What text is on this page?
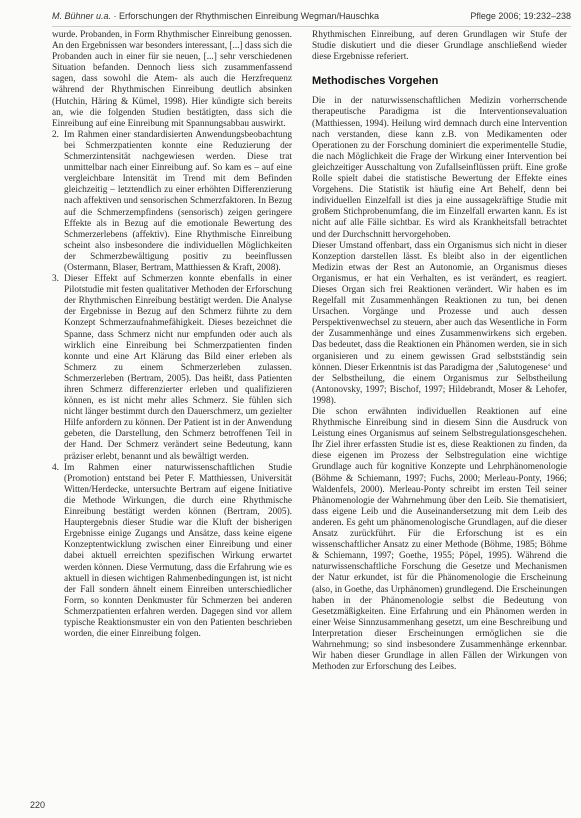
M. Bühner u.a. · Erforschungen der Rhythmischen Einreibung Wegman/Hauschka	Pflege 2006; 19:232–238

wurde. Probanden, in Form Rhythmischer Einreibung genossen. An den Ergebnissen war besonders interessant, [...] dass sich die Probanden auch in einer für sie neuen, [...] sehr verschiedenen Situation befanden. Dennoch liess sich zusammenfassend sagen, dass sowohl die Atem- als auch die Herzfrequenz während der Rhythmischen Einreibung deutlich absinken (Hutchin, Häring & Kümel, 1998). Hier kündigte sich bereits an, wie die folgenden Studien bestätigten, dass sich die Einreibung auf eine Einreibung mit Spannungsabbau auswirkt.

2. Im Rahmen einer standardisierten Anwendungsbeobachtung bei Schmerzpatienten konnte eine Reduzierung der Schmerzintensität nachgewiesen werden. Diese trat unmittelbar nach einer Einreibung auf. So kam es – auf eine vergleichbare Intensität im Trend mit dem Befinden gleichzeitig – letztendlich zu einer erhöhten Differenzierung nach affektiven und sensorischen Schmerzfaktoren. In Bezug auf die Schmerzempfindens (sensorisch) zeigen geringere Effekte als in Bezug auf die emotionale Bewertung des Schmerzerlebens (affektiv). Eine Rhythmische Einreibung scheint also insbesondere die individuellen Möglichkeiten der Schmerzbewältigung positiv zu beeinflussen (Ostermann, Blaser, Bertram, Matthiessen & Kraft, 2008).
3. Dieser Effekt auf Schmerzen konnte ebenfalls in einer Pilotstudie mit festen qualitativer Methoden der Erforschung der Rhythmischen Einreibung bestätigt werden. Die Analyse der Ergebnisse in Bezug auf den Schmerz führte zu dem Konzept Schmerzaufnahmefähigkeit. Dieses bezeichnet die Spanne, dass Schmerz nicht nur empfunden oder auch als wirklich eine Einreibung bei Schmerzpatienten finden konnte und eine Art Klärung das Bild einer erleben als Schmerz zu einem Schmerzerleben zulassen. Schmerzerleben (Bertram, 2005). Das heißt, dass Patienten ihren Schmerz differenzierter erleben und qualifizieren können, es ist nicht mehr alles Schmerz. Sie fühlen sich nicht länger bestimmt durch den Dauerschmerz, um gezielter Hilfe anfordern zu können. Der Patient ist in der Anwendung gebeten, die Darstellung, den Schmerz betroffenen Teil in der Hand. Der Schmerz verändert seine Bedeutung, kann präziser erlebt, benannt und als bewältigt werden.
4. Im Rahmen einer naturwissenschaftlichen Studie (Promotion) entstand bei Peter F. Matthiessen, Universität Witten/Herdecke, untersuchte Bertram auf eigene Initiative die Methode Wirkungen, die durch eine Rhythmische Einreibung bestätigt werden können (Bertram, 2005). Hauptergebnis dieser Studie war die Kluft der bisherigen Ergebnisse einige Zugangs und Ansätze, dass keine eigene Konzeptentwicklung zwischen einer Einreibung und einer dabei aktuell erreichten spezifischen Wirkung erwartet werden können. Diese Vermutung, dass die Erfahrung wie es aktuell in diesen wichtigen Rahmenbedingungen ist, ist nicht der Fall sondern ähnelt einem Einreiben unterschiedlicher Form, so konnten Denkmuster für Schmerzen bei anderen Schmerzpatienten erfahren werden. Dagegen sind vor allem typische Reaktionsmuster ein von den Patienten beschrieben worden, die einer Einreibung folgen.

Rhythmischen Einreibung, auf deren Grundlagen wir Stufe der Studie diskutiert und die dieser Grundlage anschließend wieder diese Ergebnisse referiert.

Methodisches Vorgehen

Die in der naturwissenschaftlichen Medizin vorherrschende therapeutische Paradigma ist die Interventionsevaluation (Matthiessen, 1994). Heilung wird demnach durch eine Intervention nach verstanden, diese kann z.B. von Medikamenten oder Operationen zu der Forschung dominiert die experimentelle Studie, die nach Möglichkeit die Frage der Wirkung einer Intervention bei gleichzeitiger Ausschaltung von Zufallseinflüssen prüft. Eine große Rolle spielt dabei die statistische Bewertung der Effekte eines Vorgehens. Die Statistik ist häufig eine Art Behelf, denn bei individuellen Einzelfall ist dies ja eine aussagekräftige Studie mit großem Stichprobenumfang, die im Einzelfall erwarten kann. Es ist nicht auf alle Fälle sichtbar. Es wird als Krankheitsfall betrachtet und der Durchschnitt hervorgehoben.

Dieser Umstand offenbart, dass ein Organismus sich nicht in dieser Konzeption darstellen lässt. Es bleibt also in der eigentlichen Medizin etwas der Rest an Autonomie, an Organismus dieses Organismus, er hat ein Verhalten, es ist verändert, es reagiert. Dieses Organ sich frei Reaktionen verändert. Wir haben es im Regelfall mit Zusammenhängen Reaktionen zu tun, bei denen Ursachen. Vorgänge und Prozesse und auch dessen Perspektivenwechsel zu steuern, aber auch das Wesentliche in Form der Zusammenhänge und eines Zusammenwirkens sich ergeben. Das bedeutet, dass die Reaktionen ein Phänomen werden, sie in sich organisieren und zu einem gewissen Grad selbstständig sein können. Dieser Erkenntnis ist das Paradigma der ‚Salutogenese‘ und der Selbstheilung, die einem Organismus zur Selbstheilung (Antonovsky, 1997; Bischof, 1997; Hildebrandt, Moser & Lehofer, 1998).

Die schon erwähnten individuellen Reaktionen auf eine Rhythmische Einreibung sind in diesem Sinn die Ausdruck von Leistung eines Organismus auf seinem Selbstregulationsgeschehen. Ihr Ziel ihrer erfassten Studie ist es, diese Reaktionen zu finden, da diese eigenen im Prozess der Selbstregulation eine wichtige Grundlage auch für kognitive Konzepte und Lehrphänomenologie (Böhme & Schiemann, 1997; Fuchs, 2000; Merleau-Ponty, 1966; Waldenfels, 2000). Merleau-Ponty schreibt im ersten Teil seiner Phänomenologie der Wahrnehmung über den Leib. Sie thematisiert, dass eigene Leib und die Auseinandersetzung mit dem Leib des anderen. Es geht um phänomenologische Grundlagen, auf die dieser Ansatz zurückführt. Für die Erforschung ist es ein wissenschaftlicher Ansatz zu einer Methode (Böhme, 1985; Böhme & Schiemann, 1997; Goethe, 1955; Pöpel, 1995). Während die naturwissenschaftliche Forschung die Gesetze und Mechanismen der Natur erkundet, ist für die Phänomenologie die Erscheinung (also, in Goethe, das Urphänomen) grundlegend. Die Erscheinungen haben in der Phänomenologie selbst die Bedeutung von Gesetzmäßigkeiten. Eine Erfahrung und ein Phänomen werden in einer Weise Sinnzusammenhang gesetzt, um eine Beschreibung und Interpretation dieser Erscheinungen ermöglichen sie die Wahrnehmung; so sind insbesondere Zusammenhänge erkennbar. Wir haben dieser Grundlage in allen Fällen der Wirkungen von Methoden zur Erforschung des Leibes.

220
